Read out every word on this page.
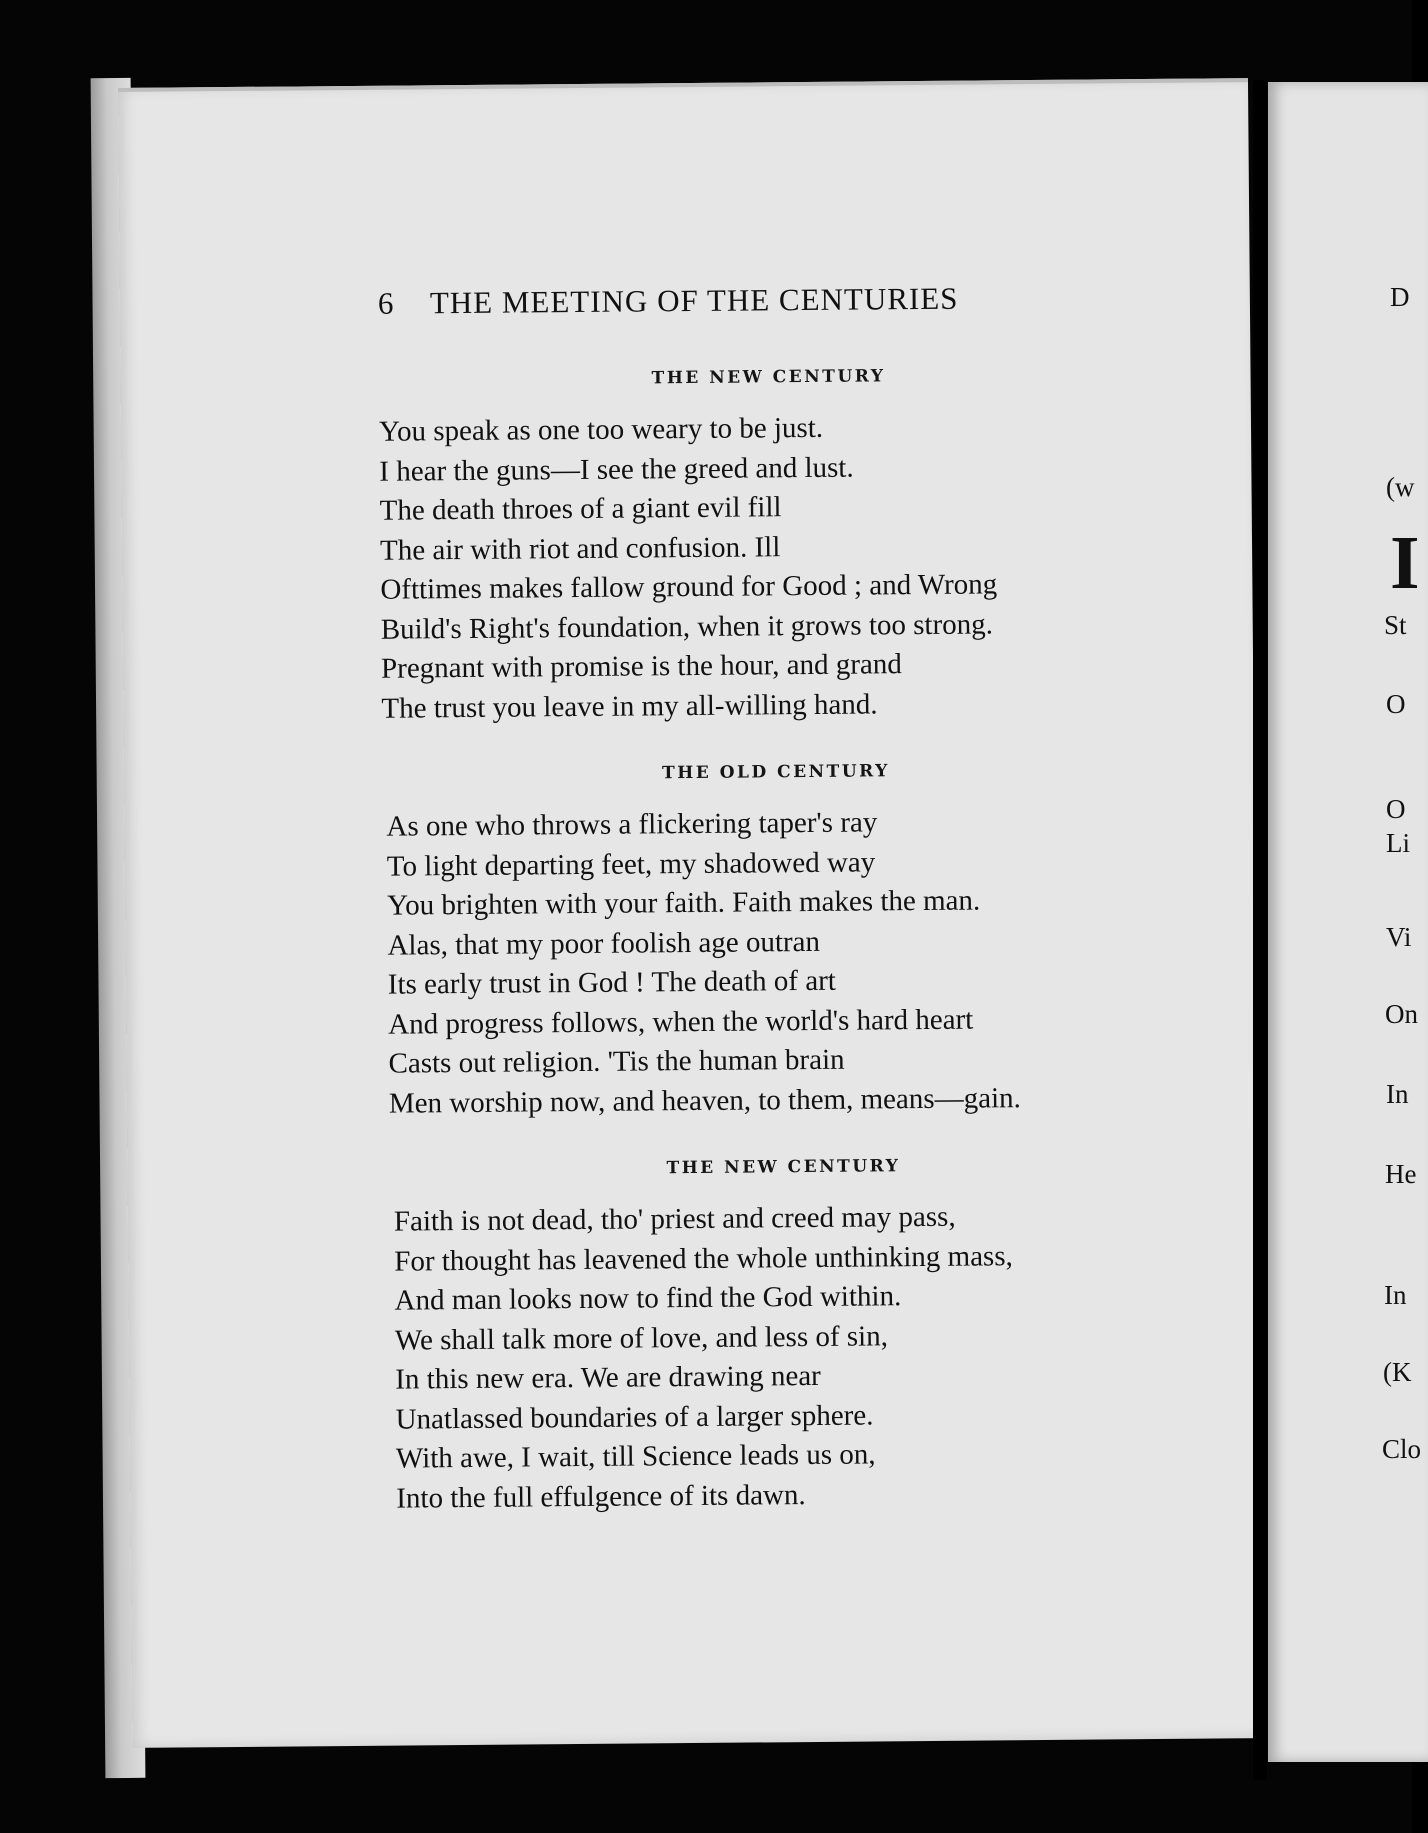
6 THE MEETING OF THE CENTURIES
THE NEW CENTURY
You speak as one too weary to be just.
I hear the guns—I see the greed and lust.
The death throes of a giant evil fill
The air with riot and confusion. Ill
Ofttimes makes fallow ground for Good ; and Wrong
Build's Right's foundation, when it grows too strong.
Pregnant with promise is the hour, and grand
The trust you leave in my all-willing hand.
THE OLD CENTURY
As one who throws a flickering taper's ray
To light departing feet, my shadowed way
You brighten with your faith. Faith makes the man.
Alas, that my poor foolish age outran
Its early trust in God ! The death of art
And progress follows, when the world's hard heart
Casts out religion. 'Tis the human brain
Men worship now, and heaven, to them, means—gain.
THE NEW CENTURY
Faith is not dead, tho' priest and creed may pass,
For thought has leavened the whole unthinking mass,
And man looks now to find the God within.
We shall talk more of love, and less of sin,
In this new era. We are drawing near
Unatlassed boundaries of a larger sphere.
With awe, I wait, till Science leads us on,
Into the full effulgence of its dawn.
D
(w
I
St
O
O
Li
Vi
On
In
He
In
(K
Clo
